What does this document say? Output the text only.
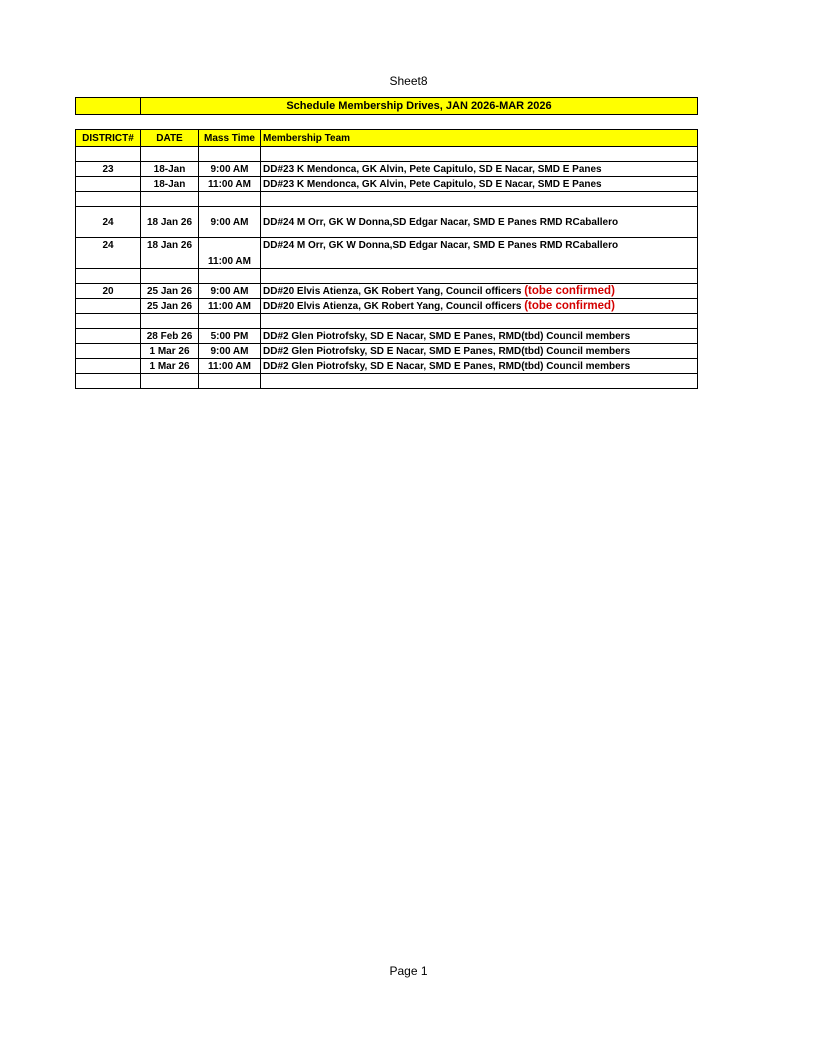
Sheet8
	Schedule Membership Drives, JAN 2026-MAR 2026
DISTRICT#	DATE	Mass Time	Membership Team

23	18-Jan	9:00 AM	DD#23 K Mendonca, GK Alvin, Pete Capitulo, SD E Nacar, SMD E Panes
	18-Jan	11:00 AM	DD#23 K Mendonca, GK Alvin, Pete Capitulo, SD E Nacar, SMD E Panes

24	18 Jan 26	9:00 AM	DD#24 M Orr, GK W Donna,SD Edgar Nacar, SMD E Panes RMD RCaballero
24	18 Jan 26	11:00 AM	DD#24 M Orr, GK W Donna,SD Edgar Nacar, SMD E Panes RMD RCaballero

20	25 Jan 26	9:00 AM	DD#20 Elvis Atienza, GK Robert Yang, Council officers (tobe confirmed)
	25 Jan 26	11:00 AM	DD#20 Elvis Atienza, GK Robert Yang, Council officers (tobe confirmed)

	28 Feb 26	5:00 PM	DD#2 Glen Piotrofsky, SD E Nacar, SMD E Panes, RMD(tbd) Council members
	1 Mar 26	9:00 AM	DD#2 Glen Piotrofsky, SD E Nacar, SMD E Panes, RMD(tbd) Council members
	1 Mar 26	11:00 AM	DD#2 Glen Piotrofsky, SD E Nacar, SMD E Panes, RMD(tbd) Council members

Page 1
